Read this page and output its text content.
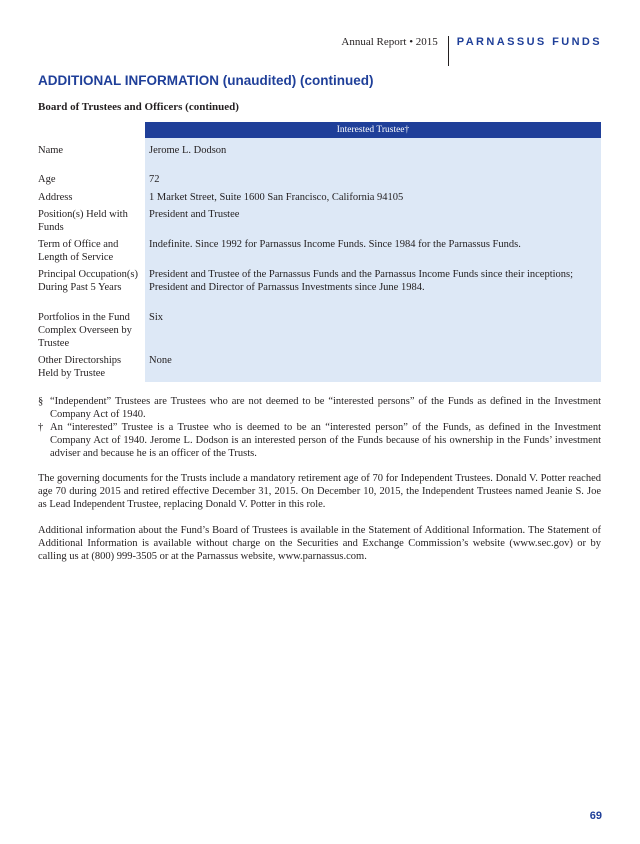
Annual Report • 2015 PARNASSUS FUNDS
ADDITIONAL INFORMATION (unaudited) (continued)
Board of Trustees and Officers (continued)
	Interested Trustee†
Name	Jerome L. Dodson
Age	72
Address	1 Market Street, Suite 1600 San Francisco, California 94105
Position(s) Held with Funds	President and Trustee
Term of Office and Length of Service	Indefinite. Since 1992 for Parnassus Income Funds. Since 1984 for the Parnassus Funds.
Principal Occupation(s) During Past 5 Years	President and Trustee of the Parnassus Funds and the Parnassus Income Funds since their inceptions; President and Director of Parnassus Investments since June 1984.
Portfolios in the Fund Complex Overseen by Trustee	Six
Other Directorships Held by Trustee	None
§ “Independent” Trustees are Trustees who are not deemed to be “interested persons” of the Funds as defined in the Investment Company Act of 1940.
† An “interested” Trustee is a Trustee who is deemed to be an “interested person” of the Funds, as defined in the Investment Company Act of 1940. Jerome L. Dodson is an interested person of the Funds because of his ownership in the Funds’ investment adviser and because he is an officer of the Trusts.

The governing documents for the Trusts include a mandatory retirement age of 70 for Independent Trustees. Donald V. Potter reached age 70 during 2015 and retired effective December 31, 2015. On December 10, 2015, the Independent Trustees named Jeanie S. Joe as Lead Independent Trustee, replacing Donald V. Potter in this role.

Additional information about the Fund’s Board of Trustees is available in the Statement of Additional Information. The Statement of Additional Information is available without charge on the Securities and Exchange Commission’s website (www.sec.gov) or by calling us at (800) 999-3505 or at the Parnassus website, www.parnassus.com.

69
